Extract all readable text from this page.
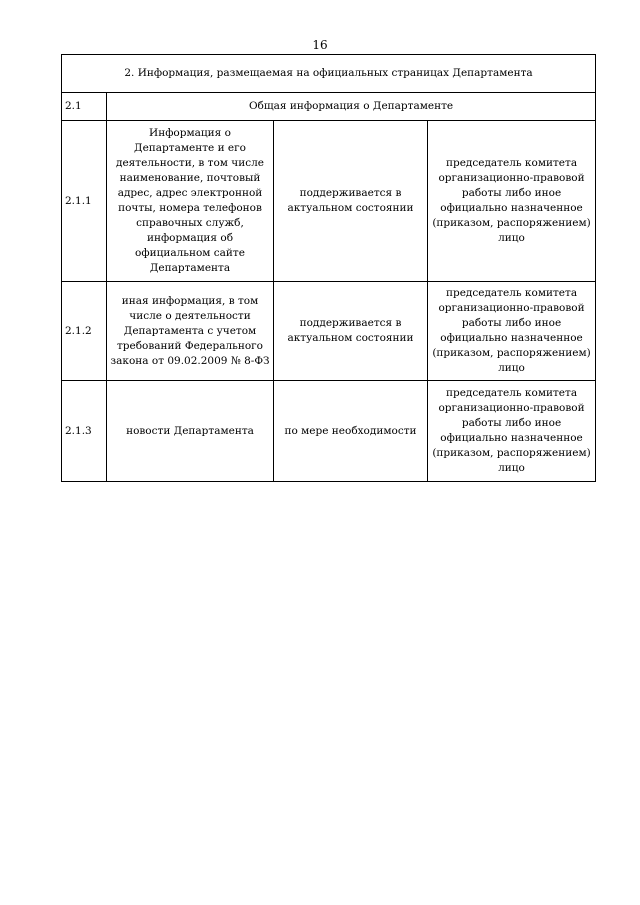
16
2. Информация, размещаемая на официальных страницах Департамента			
2.1	Общая информация о Департаменте		
2.1.1	Информация о Департаменте и его деятельности, в том числе наименование, почтовый адрес, адрес электронной почты, номера телефонов справочных служб, информация об официальном сайте Департамента	поддерживается в актуальном состоянии	председатель комитета организационно-правовой работы либо иное официально назначенное (приказом, распоряжением) лицо
2.1.2	иная информация, в том числе о деятельности Департамента с учетом требований Федерального закона от 09.02.2009 № 8-ФЗ	поддерживается в актуальном состоянии	председатель комитета организационно-правовой работы либо иное официально назначенное (приказом, распоряжением) лицо
2.1.3	новости Департамента	по мере необходимости	председатель комитета организационно-правовой работы либо иное официально назначенное (приказом, распоряжением) лицо
